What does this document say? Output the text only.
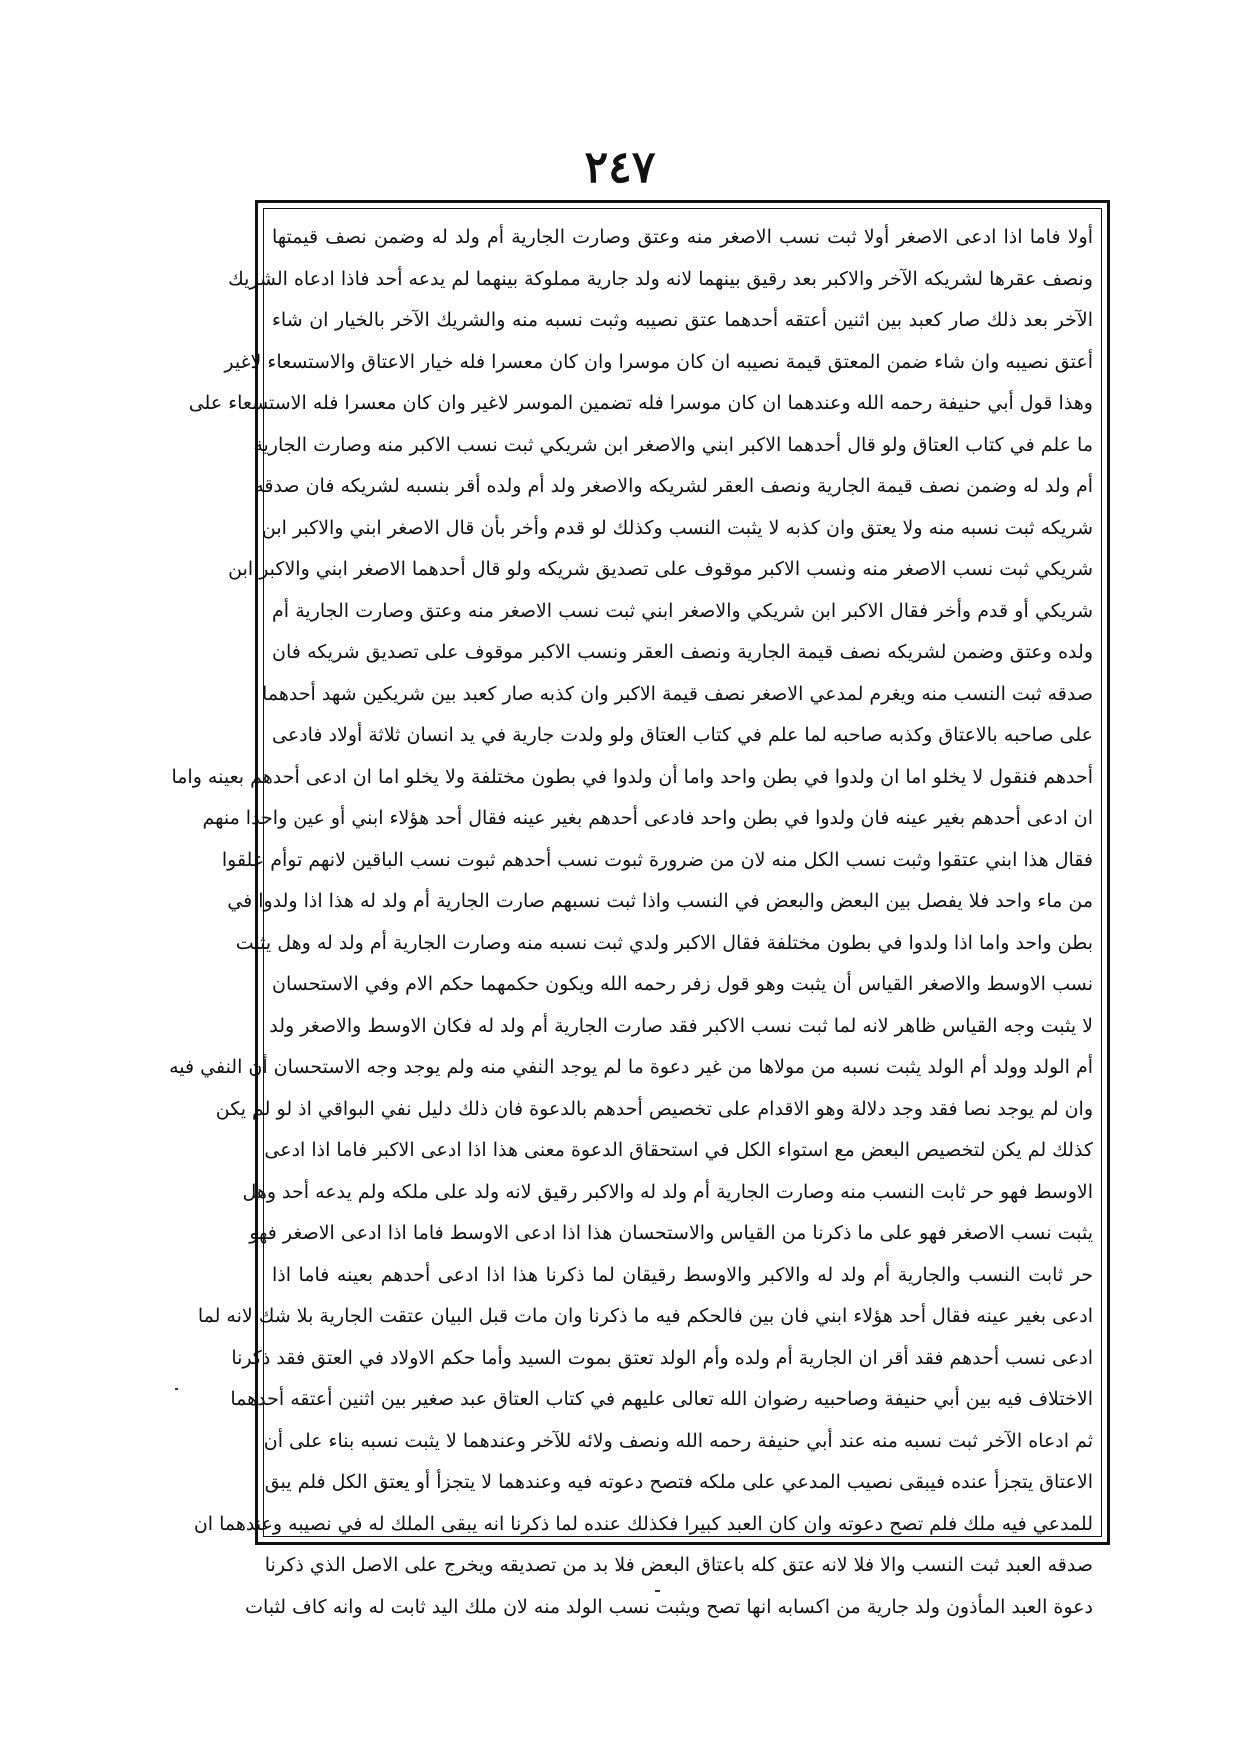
٢٤٧
أولا فاما اذا ادعى الاصغر أولا ثبت نسب الاصغر منه وعتق وصارت الجارية أم ولد له وضمن نصف قيمتها
ونصف عقرها لشريكه الآخر والاكبر بعد رقيق بينهما لانه ولد جارية مملوكة بينهما لم يدعه أحد فاذا ادعاه الشريك
الآخر بعد ذلك صار كعبد بين اثنين أعتقه أحدهما عتق نصيبه وثبت نسبه منه والشريك الآخر بالخيار ان شاء
أعتق نصيبه وان شاء ضمن المعتق قيمة نصيبه ان كان موسرا وان كان معسرا فله خيار الاعتاق والاستسعاء لاغير
وهذا قول أبي حنيفة رحمه الله وعندهما ان كان موسرا فله تضمين الموسر لاغير وان كان معسرا فله الاستسعاء على
ما علم في كتاب العتاق ولو قال أحدهما الاكبر ابني والاصغر ابن شريكي ثبت نسب الاكبر منه وصارت الجارية
أم ولد له وضمن نصف قيمة الجارية ونصف العقر لشريكه والاصغر ولد أم ولده أقر بنسبه لشريكه فان صدقه
شريكه ثبت نسبه منه ولا يعتق وان كذبه لا يثبت النسب وكذلك لو قدم وأخر بأن قال الاصغر ابني والاكبر ابن
شريكي ثبت نسب الاصغر منه ونسب الاكبر موقوف على تصديق شريكه ولو قال أحدهما الاصغر ابني والاكبر ابن
شريكي أو قدم وأخر فقال الاكبر ابن شريكي والاصغر ابني ثبت نسب الاصغر منه وعتق وصارت الجارية أم
ولده وعتق وضمن لشريكه نصف قيمة الجارية ونصف العقر ونسب الاكبر موقوف على تصديق شريكه فان
صدقه ثبت النسب منه ويغرم لمدعي الاصغر نصف قيمة الاكبر وان كذبه صار كعبد بين شريكين شهد أحدهما
على صاحبه بالاعتاق وكذبه صاحبه لما علم في كتاب العتاق ولو ولدت جارية في يد انسان ثلاثة أولاد فادعى
أحدهم فنقول لا يخلو اما ان ولدوا في بطن واحد واما أن ولدوا في بطون مختلفة ولا يخلو اما ان ادعى أحدهم بعينه واما
ان ادعى أحدهم بغير عينه فان ولدوا في بطن واحد فادعى أحدهم بغير عينه فقال أحد هؤلاء ابني أو عين واحدا منهم
فقال هذا ابني عتقوا وثبت نسب الكل منه لان من ضرورة ثبوت نسب أحدهم ثبوت نسب الباقين لانهم توأم علقوا
من ماء واحد فلا يفصل بين البعض والبعض في النسب واذا ثبت نسبهم صارت الجارية أم ولد له هذا اذا ولدوا في
بطن واحد واما اذا ولدوا في بطون مختلفة فقال الاكبر ولدي ثبت نسبه منه وصارت الجارية أم ولد له وهل يثبت
نسب الاوسط والاصغر القياس أن يثبت وهو قول زفر رحمه الله ويكون حكمهما حكم الام وفي الاستحسان
لا يثبت وجه القياس ظاهر لانه لما ثبت نسب الاكبر فقد صارت الجارية أم ولد له فكان الاوسط والاصغر ولد
أم الولد وولد أم الولد يثبت نسبه من مولاها من غير دعوة ما لم يوجد النفي منه ولم يوجد وجه الاستحسان أن النفي فيه
وان لم يوجد نصا فقد وجد دلالة وهو الاقدام على تخصيص أحدهم بالدعوة فان ذلك دليل نفي البواقي اذ لو لم يكن
كذلك لم يكن لتخصيص البعض مع استواء الكل في استحقاق الدعوة معنى هذا اذا ادعى الاكبر فاما اذا ادعى
الاوسط فهو حر ثابت النسب منه وصارت الجارية أم ولد له والاكبر رقيق لانه ولد على ملكه ولم يدعه أحد وهل
يثبت نسب الاصغر فهو على ما ذكرنا من القياس والاستحسان هذا اذا ادعى الاوسط فاما اذا ادعى الاصغر فهو
حر ثابت النسب والجارية أم ولد له والاكبر والاوسط رقيقان لما ذكرنا هذا اذا ادعى أحدهم بعينه فاما اذا
ادعى بغير عينه فقال أحد هؤلاء ابني فان بين فالحكم فيه ما ذكرنا وان مات قبل البيان عتقت الجارية بلا شك لانه لما
ادعى نسب أحدهم فقد أقر ان الجارية أم ولده وأم الولد تعتق بموت السيد وأما حكم الاولاد في العتق فقد ذكرنا
الاختلاف فيه بين أبي حنيفة وصاحبيه رضوان الله تعالى عليهم في كتاب العتاق عبد صغير بين اثنين أعتقه أحدهما
ثم ادعاه الآخر ثبت نسبه منه عند أبي حنيفة رحمه الله ونصف ولائه للآخر وعندهما لا يثبت نسبه بناء على أن
الاعتاق يتجزأ عنده فيبقى نصيب المدعي على ملكه فتصح دعوته فيه وعندهما لا يتجزأ أو يعتق الكل فلم يبق
للمدعي فيه ملك فلم تصح دعوته وان كان العبد كبيرا فكذلك عنده لما ذكرنا انه يبقى الملك له في نصيبه وعندهما ان
صدقه العبد ثبت النسب والا فلا لانه عتق كله باعتاق البعض فلا بد من تصديقه ويخرج على الاصل الذي ذكرنا
دعوة العبد المأذون ولد جارية من اكسابه انها تصح ويثبت نسب الولد منه لان ملك اليد ثابت له وانه كاف لثبات
